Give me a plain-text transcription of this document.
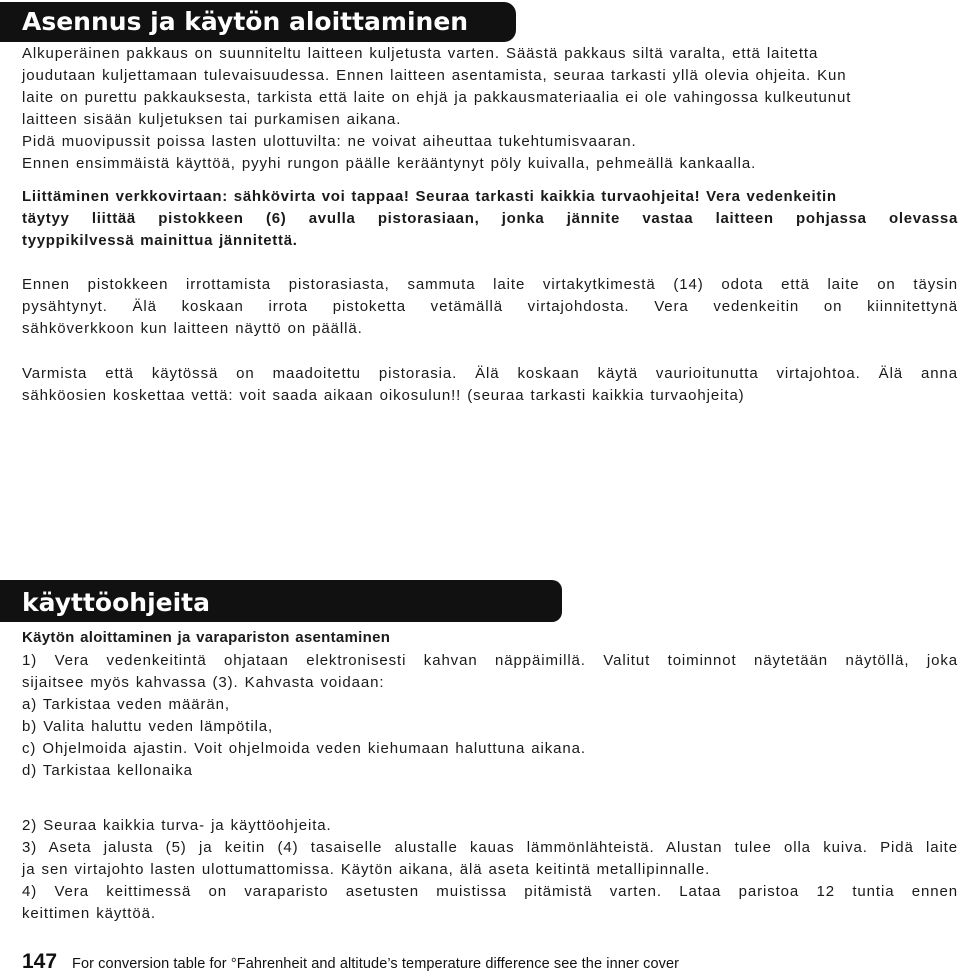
Asennus ja käytön aloittaminen
Alkuperäinen pakkaus on suunniteltu laitteen kuljetusta varten. Säästä pakkaus siltä varalta, että laitetta
joudutaan kuljettamaan tulevaisuudessa. Ennen laitteen asentamista, seuraa tarkasti yllä olevia ohjeita. Kun
laite on purettu pakkauksesta, tarkista että laite on ehjä ja pakkausmateriaalia ei ole vahingossa kulkeutunut
laitteen sisään kuljetuksen tai purkamisen aikana.
Pidä muovipussit poissa lasten ulottuvilta: ne voivat aiheuttaa tukehtumisvaaran.
Ennen ensimmäistä käyttöä, pyyhi rungon päälle kerääntynyt pöly kuivalla, pehmeällä kankaalla.
Liittäminen verkkovirtaan: sähkövirta voi tappaa! Seuraa tarkasti kaikkia turvaohjeita! Vera vedenkeitin
täytyy liittää pistokkeen (6) avulla pistorasiaan, jonka jännite vastaa laitteen pohjassa olevassa
tyyppikilvessä mainittua jännitettä.
Ennen pistokkeen irrottamista pistorasiasta, sammuta laite virtakytkimestä (14) odota että laite on täysin
pysähtynyt. Älä koskaan irrota pistoketta vetämällä virtajohdosta. Vera vedenkeitin on kiinnitettynä
sähköverkkoon kun laitteen näyttö on päällä.
Varmista että käytössä on maadoitettu pistorasia. Älä koskaan käytä vaurioitunutta virtajohtoa. Älä anna
sähköosien koskettaa vettä: voit saada aikaan oikosulun!! (seuraa tarkasti kaikkia turvaohjeita)
käyttöohjeita
Käytön aloittaminen ja varapariston asentaminen
1) Vera vedenkeitintä ohjataan elektronisesti kahvan näppäimillä. Valitut toiminnot näytetään näytöllä, joka
sijaitsee myös kahvassa (3). Kahvasta voidaan:
a) Tarkistaa veden määrän,
b) Valita haluttu veden lämpötila,
c) Ohjelmoida ajastin. Voit ohjelmoida veden kiehumaan haluttuna aikana.
d) Tarkistaa kellonaika
2) Seuraa kaikkia turva- ja käyttöohjeita.
3) Aseta jalusta (5) ja keitin (4) tasaiselle alustalle kauas lämmönlähteistä. Alustan tulee olla kuiva. Pidä laite
ja sen virtajohto lasten ulottumattomissa. Käytön aikana, älä aseta keitintä metallipinnalle.
4) Vera keittimessä on varaparisto asetusten muistissa pitämistä varten. Lataa paristoa 12 tuntia ennen
keittimen käyttöä.
147 For conversion table for °Fahrenheit and altitude’s temperature difference see the inner cover
